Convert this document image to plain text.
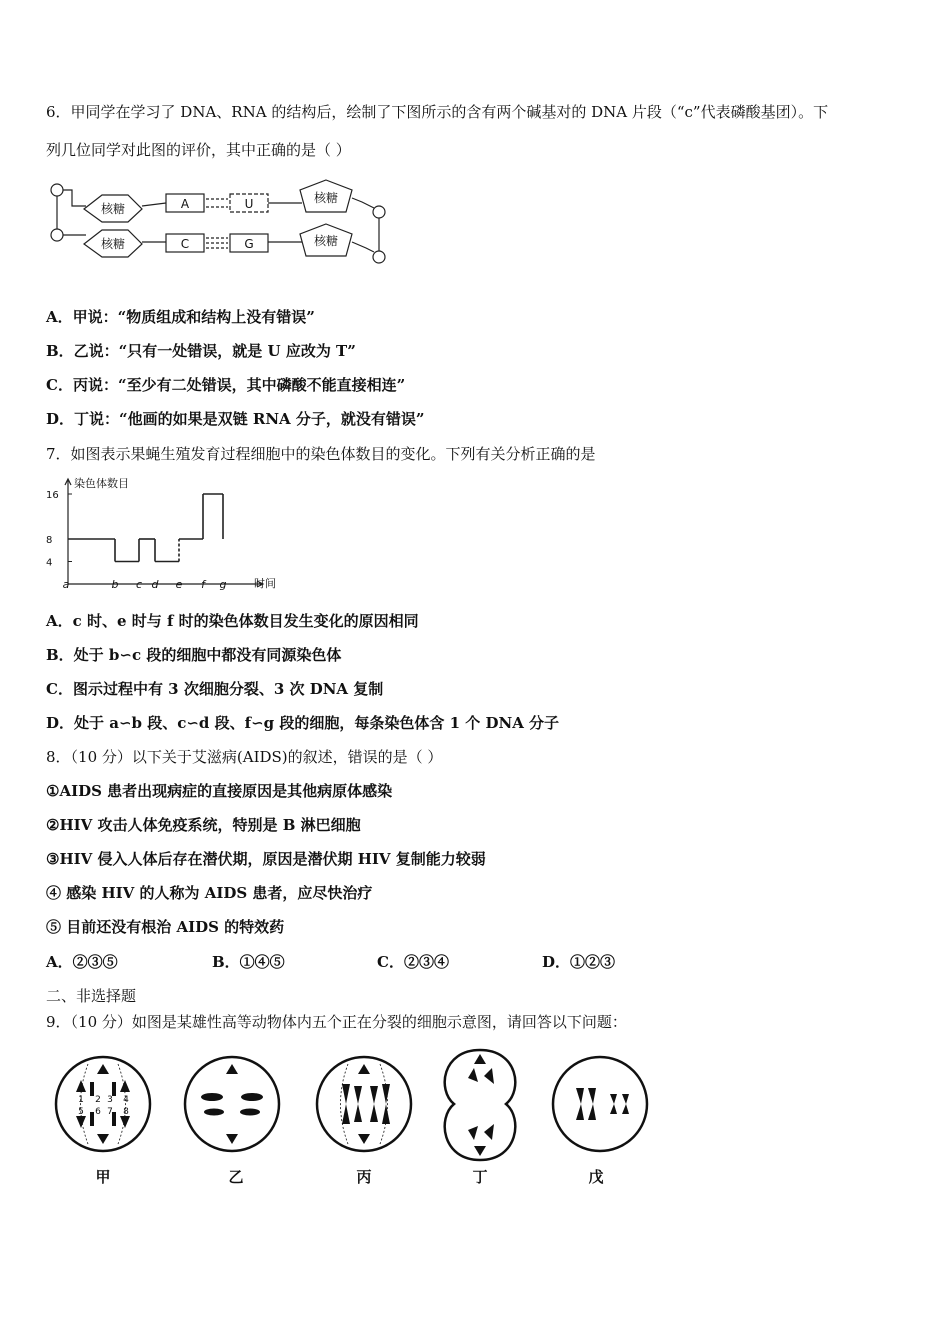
6．甲同学在学习了 DNA、RNA 的结构后，绘制了下图所示的含有两个碱基对的 DNA 片段（“c”代表磷酸基团）。下
列几位同学对此图的评价，其中正确的是（ ）
核糖
核糖
核糖
核糖
A	U
C	G
A．甲说：“物质组成和结构上没有错误”
B．乙说：“只有一处错误，就是 U 应改为 T”
C．丙说：“至少有二处错误，其中磷酸不能直接相连”
D．丁说：“他画的如果是双链 RNA 分子，就没有错误”
7．如图表示果蝇生殖发育过程细胞中的染色体数目的变化。下列有关分析正确的是
染色体数目
时间
4
8
16
a	b c d e f g
A．c 时、e 时与 f 时的染色体数目发生变化的原因相同
B．处于 b∽c 段的细胞中都没有同源染色体
C．图示过程中有 3 次细胞分裂、3 次 DNA 复制
D．处于 a∽b 段、c∽d 段、f∽g 段的细胞，每条染色体含 1 个 DNA 分子
8．（10 分）以下关于艾滋病(AIDS)的叙述，错误的是（ ）
①AIDS 患者出现病症的直接原因是其他病原体感染
②HIV 攻击人体免疫系统，特别是 B 淋巴细胞
③HIV 侵入人体后存在潜伏期，原因是潜伏期 HIV 复制能力较弱
④ 感染 HIV 的人称为 AIDS 患者，应尽快治疗
⑤ 目前还没有根治 AIDS 的特效药
A．②③⑤	B．①④⑤	C．②③④	D．①②③
二、非选择题
9．（10 分）如图是某雄性高等动物体内五个正在分裂的细胞示意图，请回答以下问题：
1
5
2
6
3
7
4
8
甲	乙	丙	丁	戊
